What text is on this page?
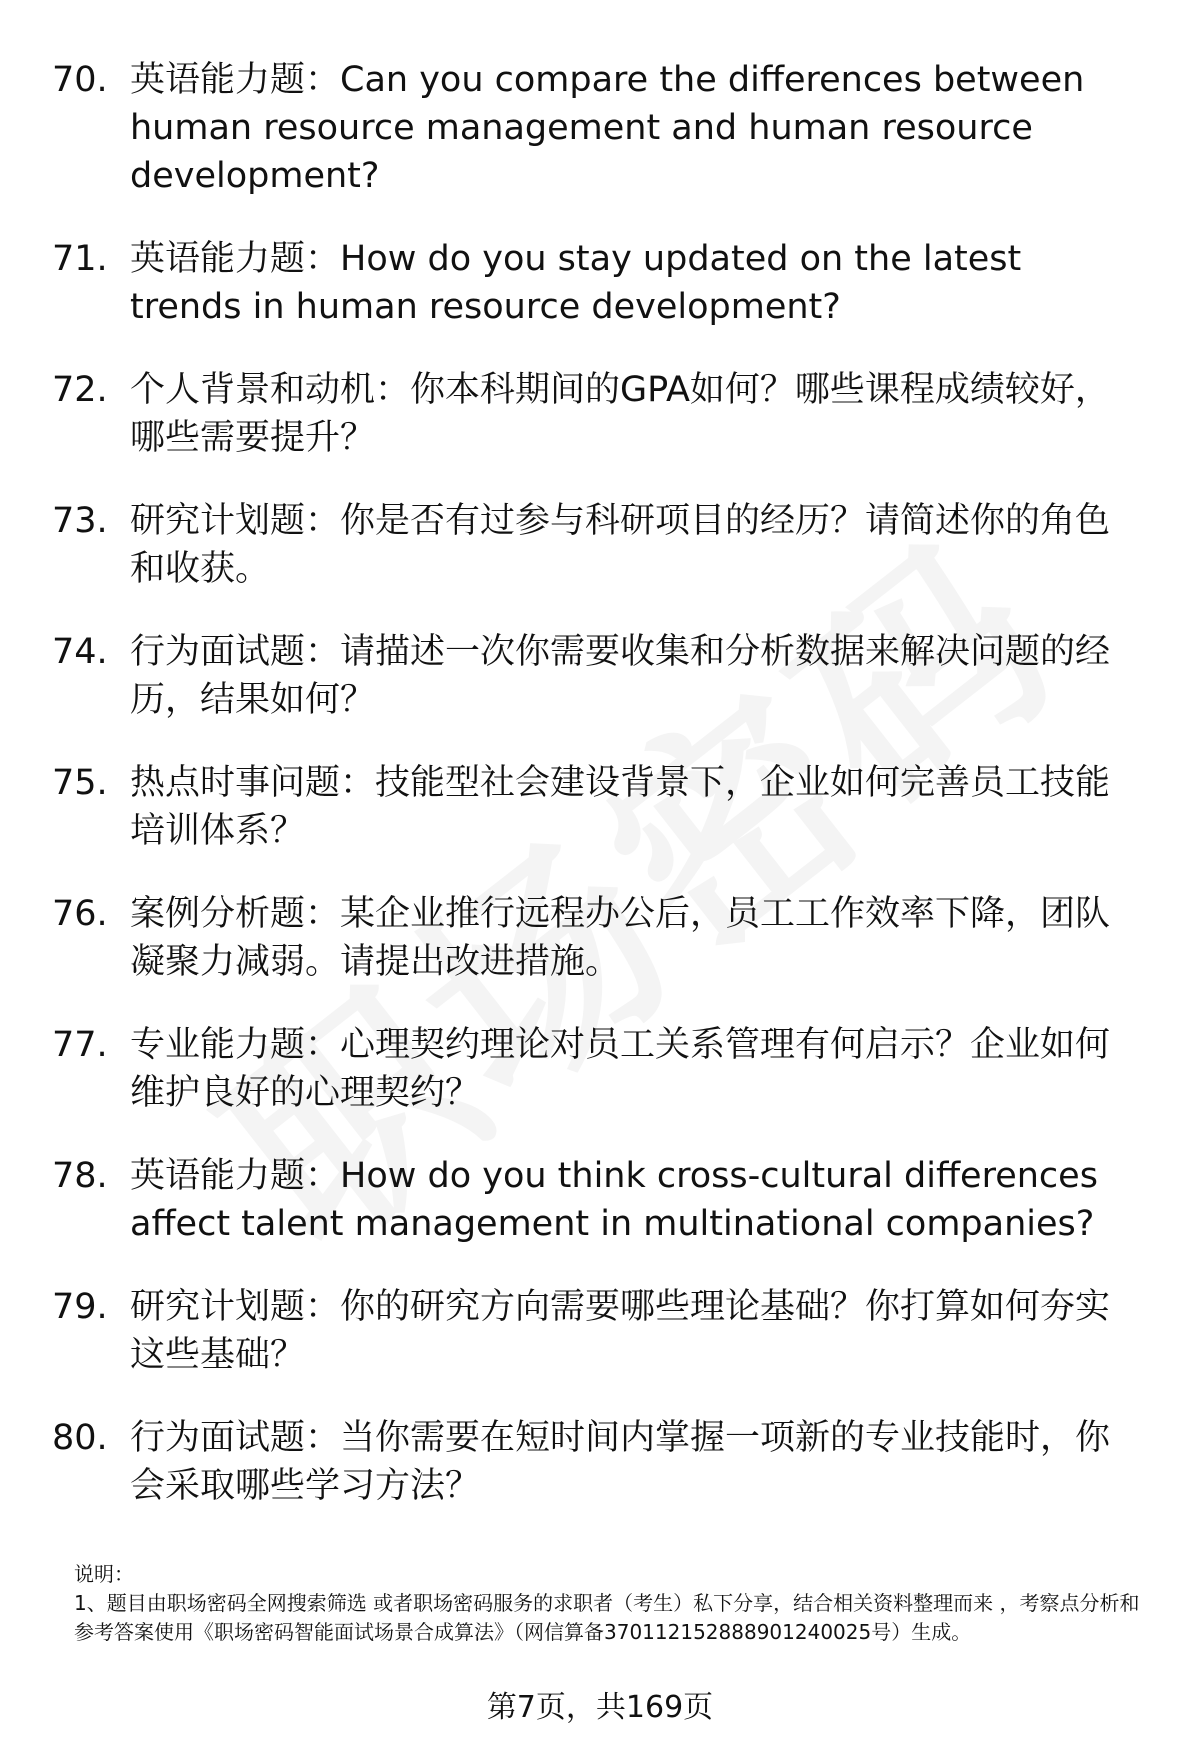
70. 英语能力题：Can you compare the differences between human resource management and human resource development?
71. 英语能力题：How do you stay updated on the latest trends in human resource development?
72. 个人背景和动机：你本科期间的GPA如何？哪些课程成绩较好，哪些需要提升？
73. 研究计划题：你是否有过参与科研项目的经历？请简述你的角色和收获。
74. 行为面试题：请描述一次你需要收集和分析数据来解决问题的经历，结果如何？
75. 热点时事问题：技能型社会建设背景下，企业如何完善员工技能培训体系？
76. 案例分析题：某企业推行远程办公后，员工工作效率下降，团队凝聚力减弱。请提出改进措施。
77. 专业能力题：心理契约理论对员工关系管理有何启示？企业如何维护良好的心理契约？
78. 英语能力题：How do you think cross-cultural differences affect talent management in multinational companies?
79. 研究计划题：你的研究方向需要哪些理论基础？你打算如何夯实这些基础？
80. 行为面试题：当你需要在短时间内掌握一项新的专业技能时，你会采取哪些学习方法？
说明：
1、题目由职场密码全网搜索筛选 或者职场密码服务的求职者（考生）私下分享，结合相关资料整理而来 ，考察点分析和参考答案使用《职场密码智能面试场景合成算法》（网信算备370112152888901240025号）生成。
第7页，共169页
